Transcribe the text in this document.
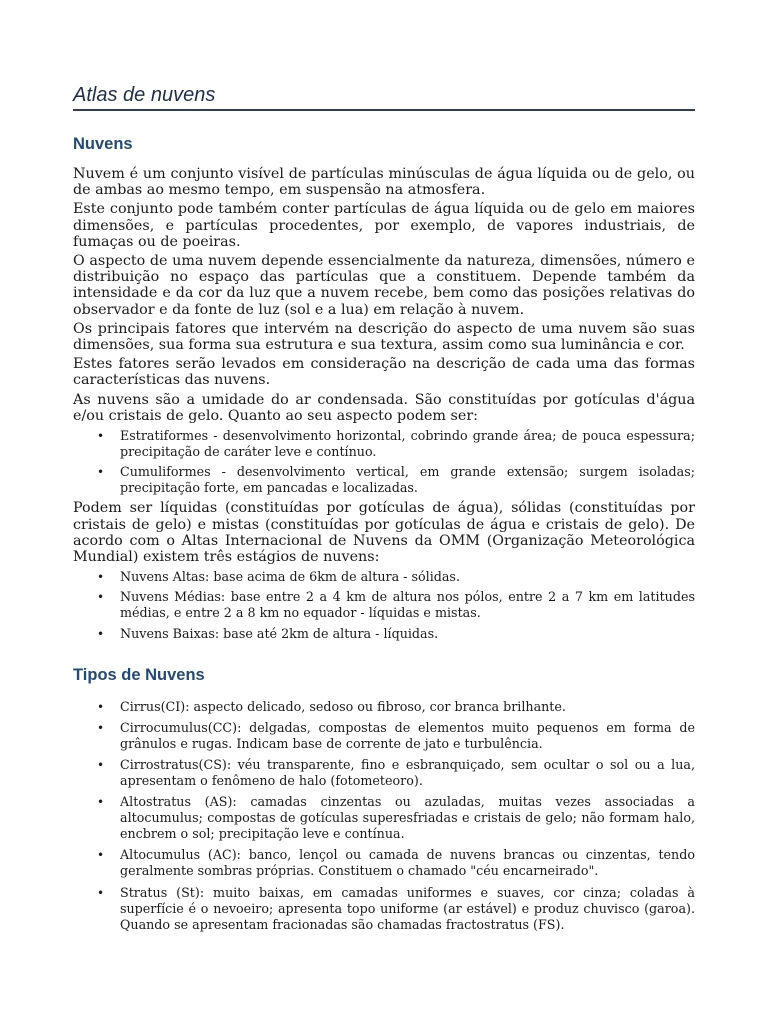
Atlas de nuvens
Nuvens

Nuvem é um conjunto visível de partículas minúsculas de água líquida ou de gelo, ou de ambas ao mesmo tempo, em suspensão na atmosfera.

Este conjunto pode também conter partículas de água líquida ou de gelo em maiores dimensões, e partículas procedentes, por exemplo, de vapores industriais, de fumaças ou de poeiras.

O aspecto de uma nuvem depende essencialmente da natureza, dimensões, número e distribuição no espaço das partículas que a constituem. Depende também da intensidade e da cor da luz que a nuvem recebe, bem como das posições relativas do observador e da fonte de luz (sol e a lua) em relação à nuvem.

Os principais fatores que intervém na descrição do aspecto de uma nuvem são suas dimensões, sua forma sua estrutura e sua textura, assim como sua luminância e cor.

Estes fatores serão levados em consideração na descrição de cada uma das formas características das nuvens.

As nuvens são a umidade do ar condensada. São constituídas por gotículas d'água e/ou cristais de gelo. Quanto ao seu aspecto podem ser:

• Estratiformes - desenvolvimento horizontal, cobrindo grande área; de pouca espessura; precipitação de caráter leve e contínuo.
• Cumuliformes - desenvolvimento vertical, em grande extensão; surgem isoladas; precipitação forte, em pancadas e localizadas.

Podem ser líquidas (constituídas por gotículas de água), sólidas (constituídas por cristais de gelo) e mistas (constituídas por gotículas de água e cristais de gelo). De acordo com o Altas Internacional de Nuvens da OMM (Organização Meteorológica Mundial) existem três estágios de nuvens:

• Nuvens Altas: base acima de 6km de altura - sólidas.
• Nuvens Médias: base entre 2 a 4 km de altura nos pólos, entre 2 a 7 km em latitudes médias, e entre 2 a 8 km no equador - líquidas e mistas.
• Nuvens Baixas: base até 2km de altura - líquidas.
Tipos de Nuvens
• Cirrus(CI): aspecto delicado, sedoso ou fibroso, cor branca brilhante.
• Cirrocumulus(CC): delgadas, compostas de elementos muito pequenos em forma de grânulos e rugas. Indicam base de corrente de jato e turbulência.
• Cirrostratus(CS): véu transparente, fino e esbranquiçado, sem ocultar o sol ou a lua, apresentam o fenômeno de halo (fotometeoro).
• Altostratus (AS): camadas cinzentas ou azuladas, muitas vezes associadas a altocumulus; compostas de gotículas superesfriadas e cristais de gelo; não formam halo, encbrem o sol; precipitação leve e contínua.
• Altocumulus (AC): banco, lençol ou camada de nuvens brancas ou cinzentas, tendo geralmente sombras próprias. Constituem o chamado "céu encarneirado".
• Stratus (St): muito baixas, em camadas uniformes e suaves, cor cinza; coladas à superfície é o nevoeiro; apresenta topo uniforme (ar estável) e produz chuvisco (garoa). Quando se apresentam fracionadas são chamadas fractostratus (FS).
